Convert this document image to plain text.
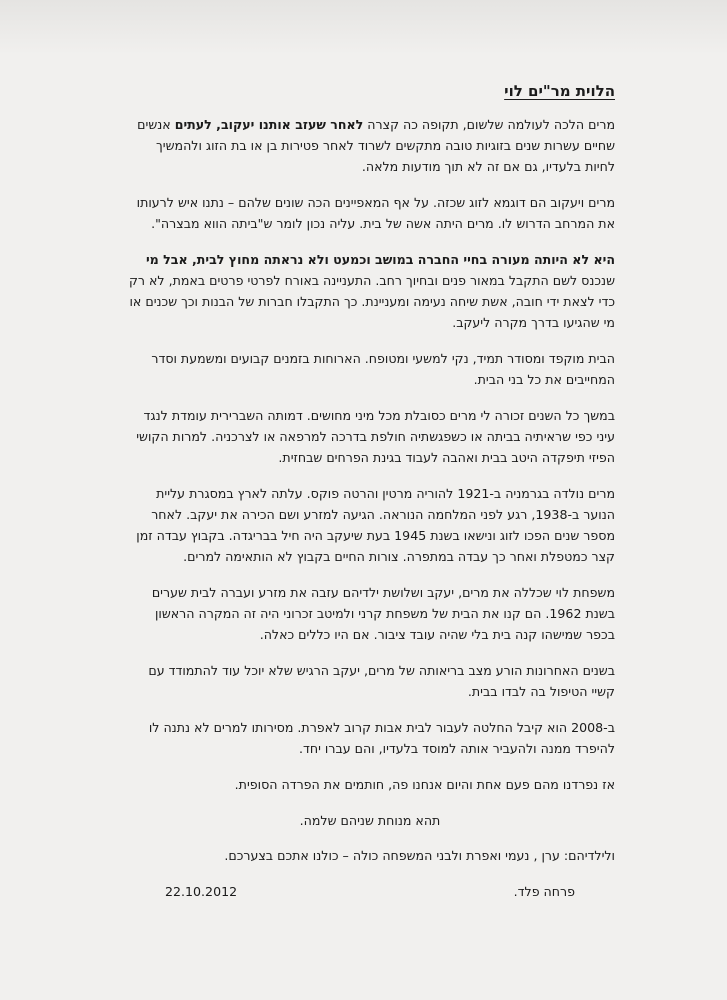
הלוית מר"ים לוי

מרים הלכה לעולמה שלשום, תקופה כה קצרה לאחר שעזב אותנו יעקוב, לעתים אנשים שחיים עשרות שנים בזוגיות טובה מתקשים לשרוד לאחר פטירות בן או בת הזוג ולהמשיך לחיות בלעדיו, גם אם זה לא תוך מודעות מלאה.

מרים ויעקוב הם דוגמא לזוג שכזה. על אף המאפיינים הכה שונים שלהם – נתנו איש לרעותו את המרחב הדרוש לו. מרים היתה אשה של בית. עליה נכון לומר ש"ביתה הווא מבצרה".

היא לא היותה מעורה בחיי החברה במושב וכמעט ולא נראתה מחוץ לבית, אבל מי שנכנס לשם התקבל במאור פנים ובחיוך רחב. התעניינה באורח לפרטי פרטים באמת, לא רק כדי לצאת ידי חובה, אשת שיחה נעימה ומעניינת. כך התקבלו חברות של הבנות וכך שכנים או מי שהגיעו בדרך מקרה ליעקב.

הבית מוקפד ומסודר תמיד, נקי למשעי ומטופח. הארוחות בזמנים קבועים ומשמעת וסדר המחייבים את כל בני הבית.

במשך כל השנים זכורה לי מרים כסובלת מכל מיני מחושים. דמותה השברירית עומדת לנגד עיני כפי שראיתיה בביתה או כשפגשתיה חולפת בדרכה למרפאה או לצרכניה. למרות הקושי הפיזי תיפקדה היטב בבית ואהבה לעבוד בגינת הפרחים שבחזית.

מרים נולדה בגרמניה ב-1921 להוריה מרטין והרטה פוקס. עלתה לארץ במסגרת עליית הנוער ב-1938, רגע לפני המלחמה הנוראה. הגיעה למזרע ושם הכירה את יעקב. לאחר מספר שנים הפכו לזוג ונישאו בשנת 1945 בעת שיעקב היה חיל בבריגדה. בקבוץ עבדה זמן קצר כמטפלת ואחר כך עבדה במתפרה. צורות החיים בקבוץ לא הותאימה למרים.

משפחת לוי שכללה את מרים, יעקב ושלושת ילדיהם עזבה את מזרע ועברה לבית שערים בשנת 1962. הם קנו את הבית של משפחת קרני ולמיטב זכרוני היה זה המקרה הראשון בכפר שמישהו קנה בית בלי שהיה עובד ציבור. אם היו כללים כאלה.

בשנים האחרונות הורע מצב בריאותה של מרים, יעקב הרגיש שלא יוכל עוד להתמודד עם קשיי הטיפול בה לבדו בבית.

ב-2008 הוא קיבל החלטה לעבור לבית אבות קרוב לאפרת. מסירותו למרים לא נתנה לו להיפרד ממנה ולהעביר אותה למוסד בלעדיו, והם עברו יחד.

אז נפרדנו מהם פעם אחת והיום אנחנו פה, חותמים את הפרדה הסופית.

תהא מנוחת שניהם שלמה.

ולילדיהם: ערן , נעמי ואפרת ולבני המשפחה כולה – כולנו אתכם בצערכם.

פרחה פלד.
22.10.2012
